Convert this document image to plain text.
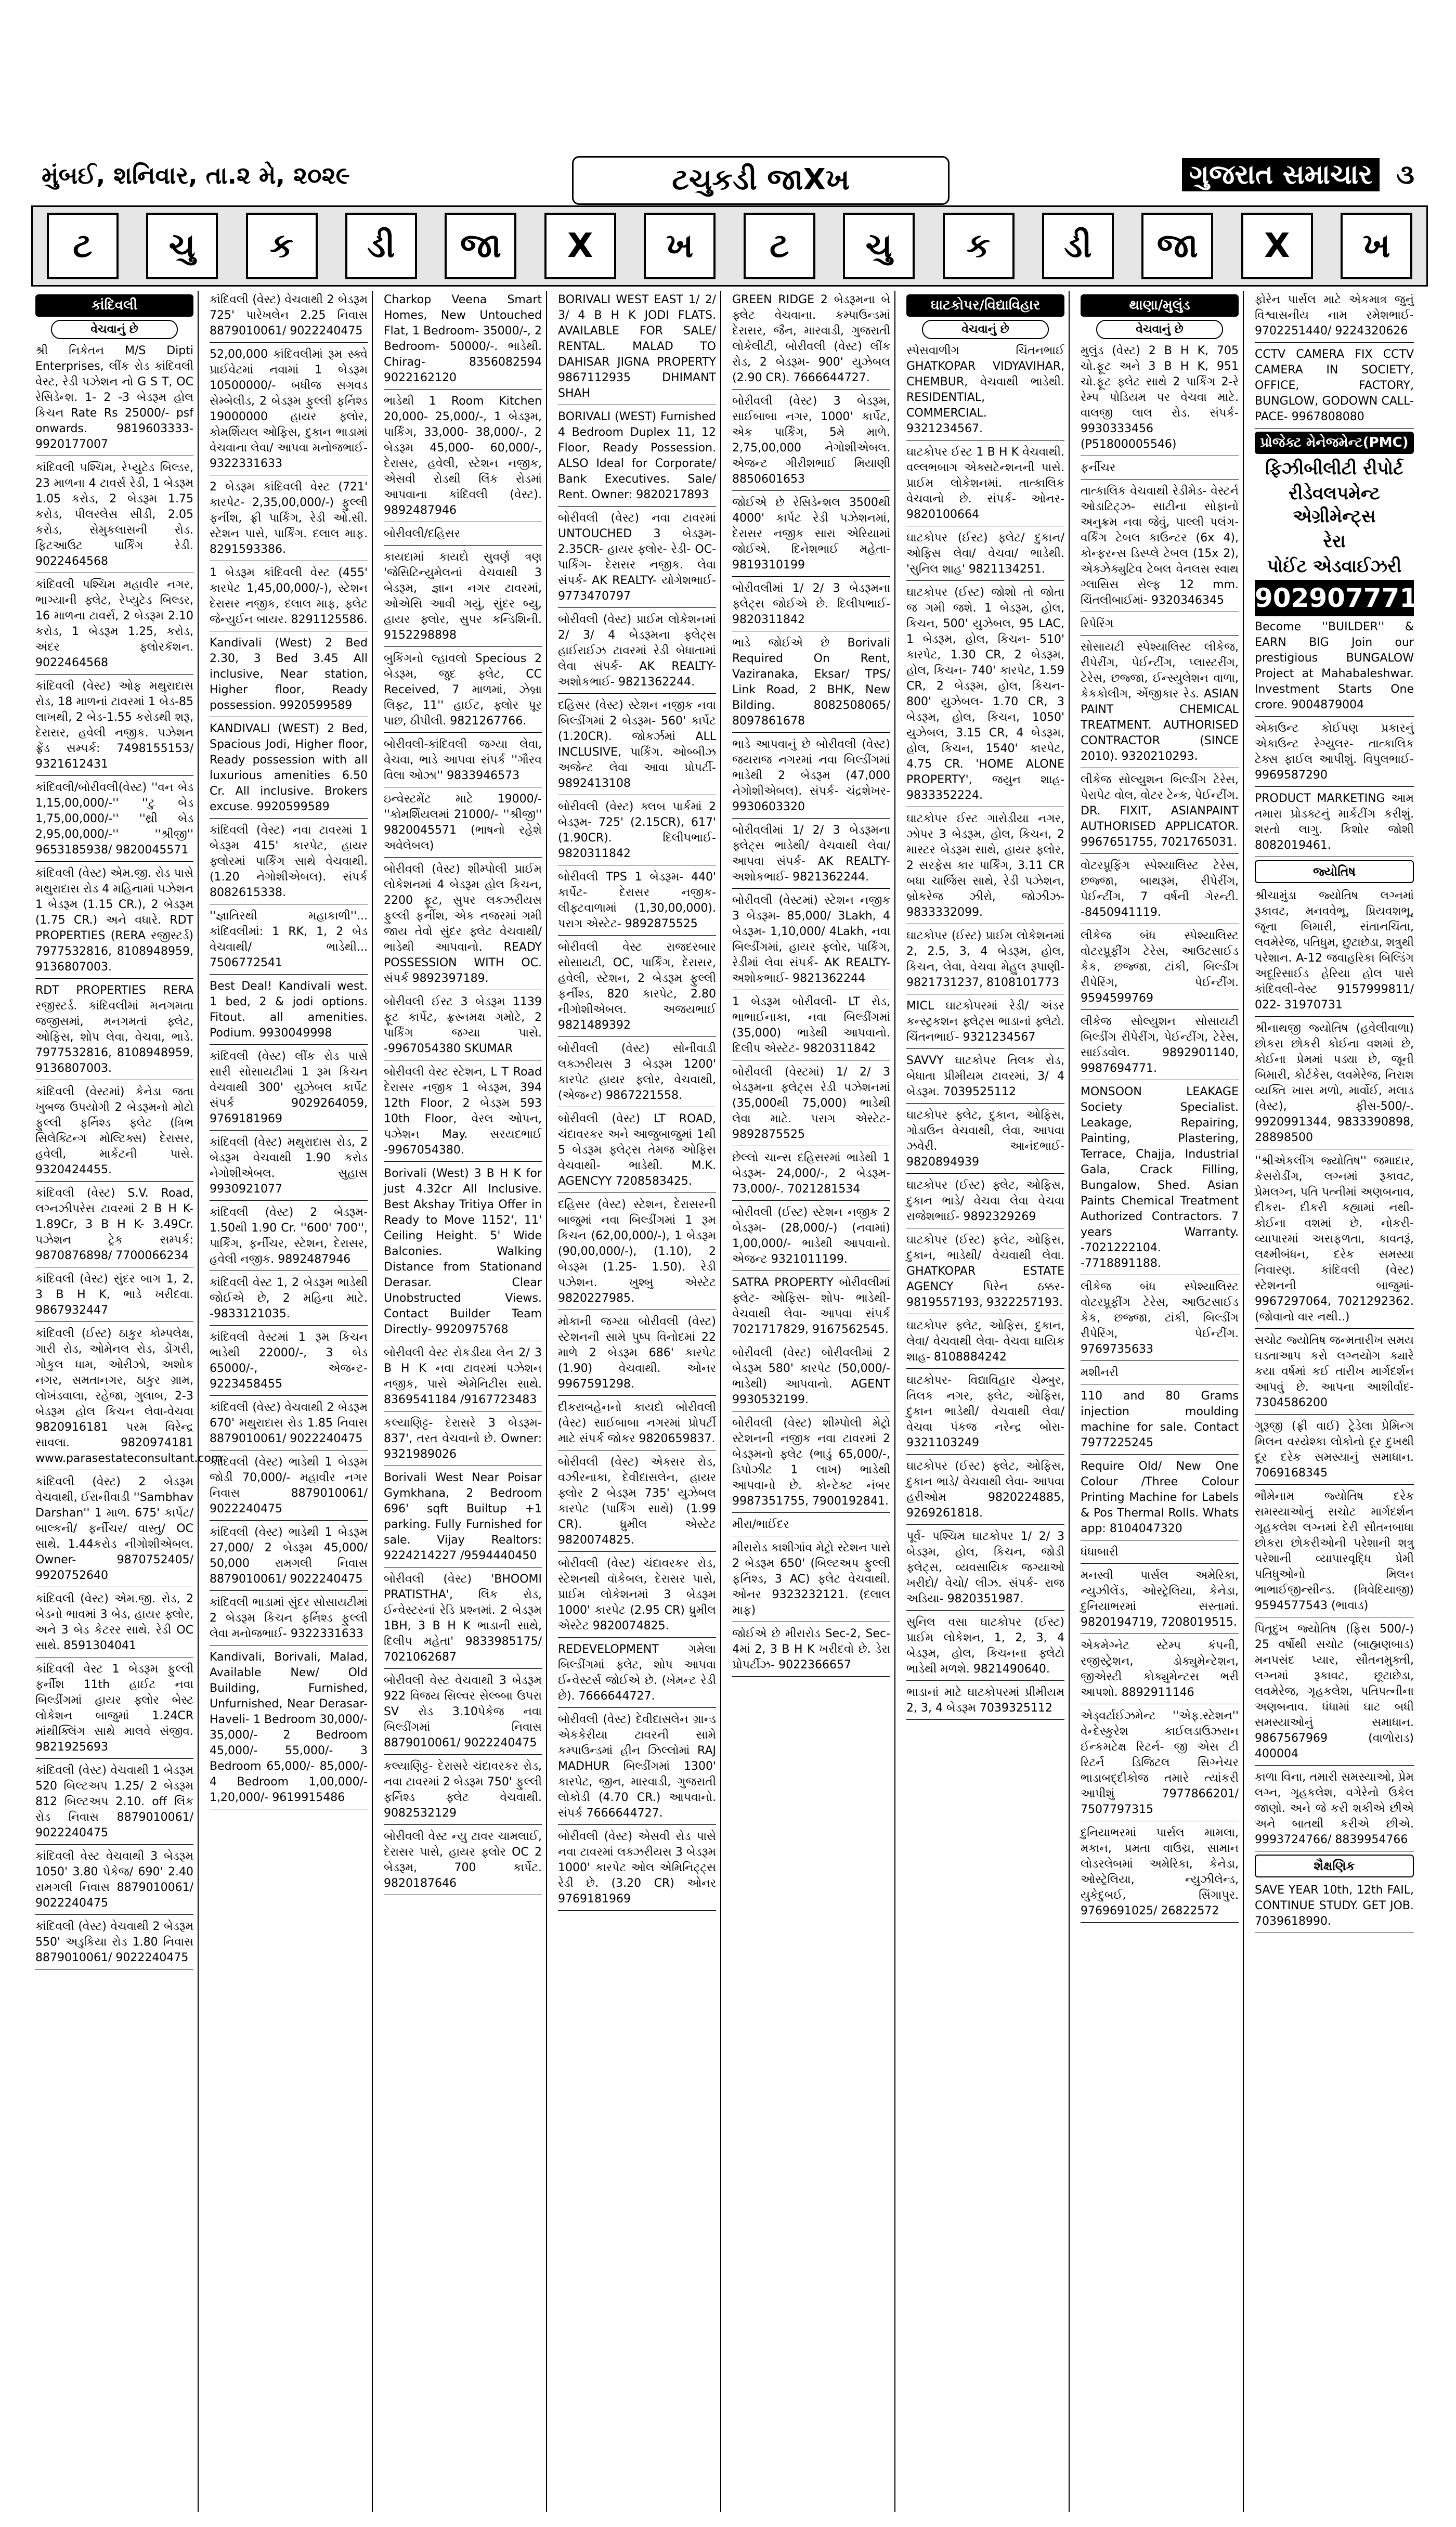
મુંબઈ, શનિવાર, તા.૨ મે, ૨૦૨૯	ટચુકડી જાXખ	ગુજરાત સમાચાર ૩
ટ	ચુ	ક	ડી	જા	X	ખ	ટ	ચુ	ક	ડી	જા	X	ખ
કાંદિવલી
વેચવાનું છે
શ્રી નિકેતન M/S Dipti Enterprises, લીંક રોડ કાંદિવલી વેસ્ટ, રેડી પઝેશન નો G S T, OC રેસિડેન્શ. 1- 2 -3 બેડરૂમ હોલ કિચન Rate Rs 25000/- psf onwards. 9819603333- 9920177007
કાંદિવલી પશ્ચિમ, રેપ્યુટેડ બિલ્ડર, 23 માળના 4 ટાવર્સ રેડી, 1 બેડરૂમ 1.05 કરોડ, 2 બેડરૂમ 1.75 કરોડ, પીલરલેસ સીડી, 2.05 કરોડ, સેમુકલાસની રોડ. ફિટઆઉટ પાર્કિંગ રેડી. 9022464568
કાંદિવલી પશ્ચિમ મહાવીર નગર, ભાગ્યાની ફ્લેટ, રેપ્યુટેડ બિલ્ડર, 16 માળના ટાવર્સ, 2 બેડરૂમ 2.10 કરોડ, 1 બેડરૂમ 1.25, કરોડ, અંદર ફ્લોરકૅશન. 9022464568
કાંદિવલી (વેસ્ટ) ઓફ મથુરાદાસ રોડ, 18 માળનાં ટાવરમાં 1 બેડ-85 લાખથી, 2 બેડ-1.55 કરોડથી શરૂ, દેરાસર, હવેલી નજીક. પઝેશન ફ્રેંડ સમ્પર્ક: 7498155153/ 9321612431
કાંદિવલી/બોરીવલી(વેસ્ટ) ''વન બેડ 1,15,00,000/-'' ''ટુ બેડ 1,75,00,000/-'' ''થ્રી બેડ 2,95,00,000/-'' ''શ્રીજી'' 9653185938/ 9820045571
કાંદિવલી (વેસ્ટ) એમ.જી. રોડ પાસે મથુરાદાસ રોડ 4 મહિનામાં પઝેશન 1 બેડરૂમ (1.15 CR.), 2 બેડરૂમ (1.75 CR.) અને વધારે. RDT PROPERTIES (RERA રજીસ્ટર્ડ) 7977532816, 8108948959, 9136807003.
RDT PROPERTIES RERA રજીસ્ટર્ડ. કાંદિવલીમાં મનગમતા જજીસમાં, મનગમતાં ફ્લેટ, ઓફિસ, શોપ લેવા, વેચવા, ભાડે. 7977532816, 8108948959, 9136807003.
કાંદિવલી (વેસ્ટમાં) કેનેડા જતા ખુબજ ઉપયોગી 2 બેડરૂમનો મોટો ફુલ્લી ફર્નિશ્ડ ફ્લેટ (ત્રિભ સિલેક્ટિન્ગ મોલ્ટિક્સ) દેરાસર, હવેલી, માર્કેટની પાસે. 9320424455.
કાંદિવલી (વેસ્ટ) S.V. Road, લગ્નઝીપરેસ ટાવરમાં 2 B H K- 1.89Cr, 3 B H K- 3.49Cr. પઝેશન ટ્રેક સમ્પર્ક: 9870876898/ 7700066234
કાંદિવલી (વેસ્ટ) સુંદર બાગ 1, 2, 3 B H K, ભાડે ખરીદવા. 9867932447
કાંદિવલી (ઈસ્ટ) ઠાકુર કોમ્પલેક્ષ, ગારી રોડ, ઓમેનલ રોડ, ડોંગરી, ગોકુલ ધામ, ઓરીઝો, અશોક નગર, સમતાનગર, ઠાકુર ગ્રામ, લોખંડવાલા, રહેજા, ગુલાબ, 2-3 બેડરૂમ હોલ કિચન લેવા-વેચવા 9820916181 પરમ વિરેન્દ્ર સાવલા. 9820974181 www.parasestateconsultant.com
કાંદિવલી (વેસ્ટ) 2 બેડરૂમ વેચવાથી, ઈરાનીવાડી ''Sambhav Darshan'' 1 માળ. 675' કાર્પેટ/ બાલ્કની/ ફર્નીચર/ વાસ્તુ/ OC સાથે. 1.44કરોડ નીગોશીએબલ. Owner- 9870752405/ 9920752640
કાંદિવલી (વેસ્ટ) એમ.જી. રોડ, 2 બેડનો ભાવમાં 3 બેડ, હાયર ફ્લોર, અને 3 બેડ કેટરર સાથે. રેડી OC સાથે. 8591304041
કાંદિવલી વેસ્ટ 1 બેડરૂમ ફુલ્લી ફર્નીશ 11th હાઈટ નવા બિલ્ડીંગમાં હાયર ફ્લોર બેસ્ટ લોકેશન બાજુમાં 1.24CR માંથીક્લિંગ સાથે માલવે સંજીવ. 9821925693
કાંદિવલી (વેસ્ટ) વેચવાથી 1 બેડરૂમ 520 બિલ્ટઅપ 1.25/ 2 બેડરૂમ 812 બિલ્ટઅપ 2.10. off લિંક રોડ નિવાસ 8879010061/ 9022240475
કાંદિવલી વેસ્ટ વેચવાથી 3 બેડરૂમ 1050' 3.80 પેકેજ/ 690' 2.40 રામગલી નિવાસ 8879010061/ 9022240475
કાંદિવલી (વેસ્ટ) વેચવાથી 2 બેડરૂમ 550' અડુકિયા રોડ 1.80 નિવાસ 8879010061/ 9022240475
કાંદિવલી (વેસ્ટ) વેચવાથી 2 બેડરૂમ 725' પારેખલેન 2.25 નિવાસ 8879010061/ 9022240475
52,00,000 કાંદિવલીમાં રૂમ સ્ક્વે પ્રાઈવેટમાં નવામાં 1 બેડરૂમ 10500000/- બધીજ સગવડ સેમ્બેલીડ, 2 બેડરૂમ ફુલ્લી ફર્નિશ્ડ 19000000 હાયર ફ્લોર, કોમર્શિયલ ઓફિસ, દુકાન ભાડામાં વેચવાના લેવા/ આપવા મનોજભાઈ- 9322331633
2 બેડરૂમ કાંદિવલી વેસ્ટ (721' કારપેટ- 2,35,00,000/-) ફુલ્લી ફર્નીશ, ફ્રી પાર્કિંગ, રેડી ઓ.સી. સ્ટેશન પાસે, પાર્કિંગ. દલાલ માફ. 8291593386.
1 બેડરૂમ કાંદિવલી વેસ્ટ (455' કારપેટ 1,45,00,000/-), સ્ટેશન દેરાસર નજીક, દલાલ માફ, ફ્લેટ જેન્યુઈન બાયર. 8291125586.
Kandivali (West) 2 Bed 2.30, 3 Bed 3.45 All inclusive, Near station, Higher floor, Ready possession. 9920599589
KANDIVALI (WEST) 2 Bed, Spacious Jodi, Higher floor, Ready possession with all luxurious amenities 6.50 Cr. All inclusive. Brokers excuse. 9920599589
કાંદિવલી (વેસ્ટ) નવા ટાવરમાં 1 બેડરૂમ 415' કારપેટ, હાયર ફ્લોરમાં પાર્કિંગ સાથે વેચવાથી. (1.20 નેગોશીએબલ). સંપર્ક 8082615338.
''જ્ઞાતિરથી મહાકાળી''... કાંદિવલીમાં: 1 RK, 1, 2 બેડ વેચવાથી/ ભાડેથી... 7506772541
Best Deal! Kandivali west. 1 bed, 2 & jodi options. Fitout. all amenities. Podium. 9930049998
કાંદિવલી (વેસ્ટ) લીંક રોડ પાસે સારી સોસાયટીમાં 1 રૂમ કિચન વેચવાથી 300' યુઝેબલ કાર્પેટ સંપર્ક 9029264059, 9769181969
કાંદિવલી (વેસ્ટ) મથુરાદાસ રોડ, 2 બેડરૂમ વેચવાથી 1.90 કરોડ નેગોશીએબલ. સુહાસ 9930921077
કાંદિવલી (વેસ્ટ) 2 બેડરૂમ- 1.50થી 1.90 Cr. ''600' 700'', પાર્કિંગ, ફર્નીચર, સ્ટેશન, દેરાસર, હવેલી નજીક. 9892487946
કાંદિવલી વેસ્ટ 1, 2 બેડરૂમ ભાડેથી જોઈએ છે, 2 મહિના માટે. -9833121035.
કાંદિવલી વેસ્ટમાં 1 રૂમ કિચન ભાડેથી 22000/-, 3 બેડ 65000/-, એજન્ટ- 9223458455
કાંદિવલી (વેસ્ટ) વેચવાથી 2 બેડરૂમ 670' મથુરાદાસ રોડ 1.85 નિવાસ 8879010061/ 9022240475
કાંદિવલી (વેસ્ટ) ભાડેથી 1 બેડરૂમ જોડી 70,000/- મહાવીર નગર નિવાસ 8879010061/ 9022240475
કાંદિવલી (વેસ્ટ) ભાડેથી 1 બેડરૂમ 27,000/ 2 બેડરૂમ 45,000/ 50,000 રામગલી નિવાસ 8879010061/ 9022240475
કાંદિવલી ભાડામાં સુંદર સોસાયટીમાં 2 બેડરૂમ કિચન ફર્નિશ્ડ ફુલ્લી લેવા મનોજભાઈ- 9322331633
Kandivali, Borivali, Malad, Available New/ Old Building, Furnished, Unfurnished, Near Derasar- Haveli- 1 Bedroom 30,000/- 35,000/- 2 Bedroom 45,000/- 55,000/- 3 Bedroom 65,000/- 85,000/- 4 Bedroom 1,00,000/- 1,20,000/- 9619915486
Charkop Veena Smart Homes, New Untouched Flat, 1 Bedroom- 35000/-, 2 Bedroom- 50000/-. ભાડેથી. Chirag- 8356082594 9022162120
ભાડેથી 1 Room Kitchen 20,000- 25,000/-, 1 બેડરૂમ, પાર્કિંગ, 33,000- 38,000/-, 2 બેડરૂમ 45,000- 60,000/-, દેરાસર, હવેલી, સ્ટેશન નજીક, એસવી રોડથી લિંક રોડમાં આપવાના કાંદિવલી (વેસ્ટ). 9892487946
બોરીવલી/દહિસર
કાયદામાં કાયદો સુવર્ણ ત્રણ 'જેસિટિન્યુમેલનાં વેચવાથી 3 બેડરૂમ, જ્ઞાન નગર ટાવરમાં, ઓએસિ આવી ગયું, સુંદર બ્યુ, હાયર ફ્લોર, સુપર કન્ડિશિની. 9152298898
બુકિંગનો લ્હાવલો Specious 2 બેડરૂમ, જુદ ફ્લેટ, CC Received, 7 માળમાં, ઝેબ્રા લિફ્ટ, 11'' હાઈટ, ફ્લોર પૂ઼ર પાછ, ઠીપીલી. 9821267766.
બોરીવલી-કાંદિવલી જગ્યા લેવા, વેચવા, ભાડે આપવા સંપર્ક ''ગૌરવ વિલા ઓઝા'' 9833946573
ઇન્વેસ્ટમેંટ માટે 19000/- ''કોમર્શિયલમાં 21000/- ''શ્રીજી'' 9820045571 (ભાષનો રહેશે અવેલેબલ)
બોરીવલી (વેસ્ટ) શીમ્પોલી પ્રાઈમ લોકેશનમાં 4 બેડરૂમ હોલ કિચન, 2200 ફૂટ, સુપર લકઝરીયસ ફુલ્લી ફર્નીશ, એક નજરમાં ગમી જાય તેવો સુંદર ફ્લેટ વેચવાથી/ ભાડેથી આપવાનો. READY POSSESSION WITH OC. સંપર્ક 9892397189.
બોરીવલી ઈસ્ટ 3 બેડરૂમ 1139 ફૂટ કાર્પેટ, ફ્રસ્નમક્ષ ગમોટે, 2 પાર્કિંગ જગ્યા પાસે. -9967054380 SKUMAR
બોરીવલી વેસ્ટ સ્ટેશન, L T Road દેરાસર નજીક 1 બેડરૂમ, 394 12th Floor, 2 બેડરૂમ 593 10th Floor, વેરલ ઓપન, પઝેશન May. સરયદભાઈ -9967054380.
Borivali (West) 3 B H K for just 4.32cr All Inclusive. Best Akshay Tritiya Offer in Ready to Move 1152', 11' Ceiling Height. 5' Wide Balconies. Walking Distance from Stationand Derasar. Clear Unobstructed Views. Contact Builder Team Directly- 9920975768
બોરીવલી વેસ્ટ રોકડીયા લેન 2/ 3 B H K નવા ટાવરમાં પઝેશન નજીક, પાસે એમેનિટીસ સાથે. 8369541184 /9167723483
કલ્યાણિટ્ટ- દેરાસરે 3 બેડરૂમ- 837', તરત વેચવાનો છે. Owner: 9321989026
Borivali West Near Poisar Gymkhana, 2 Bedroom 696' sqft Builtup +1 parking. Fully Furnished for sale. Vijay Realtors: 9224214227 /9594440450
બોરીવલી (વેસ્ટ) 'BHOOMI PRATISTHA', લિંક રોડ, ઈન્વેસ્ટરનાં રેડિ પ્રશ્નમાં. 2 બેડરૂમ 1BH, 3 B H K ભાડાની સાથે, દિલીપ મહેતા' 9833985175/ 7021062687
બોરીવલી વેસ્ટ વેચવાથી 3 બેડરૂમ 922 વિજય સિલ્વર સેલ્બ્બા ઉપરા SV રોડ 3.10પેકેજ નવા બિલ્ડીંગમાં નિવાસ 8879010061/ 9022240475
કલ્યાણિટ્ટ- દેરાસરે ચંદાવરકર રોડ, નવા ટાવરમાં 2 બેડરૂમ 750' ફુલ્લી ફર્નિશ્ડ ફ્લેટ વેચવાથી. 9082532129
બોરીવલી વેસ્ટ ન્યુ ટાવર ચામલાઈ, દેરાસર પાસે, હાયર ફ્લોર OC 2 બેડરૂમ, 700 કાર્પેટ. 9820187646
BORIVALI WEST EAST 1/ 2/ 3/ 4 B H K JODI FLATS. AVAILABLE FOR SALE/ RENTAL. MALAD TO DAHISAR JIGNA PROPERTY 9867112935 DHIMANT SHAH
BORIVALI (WEST) Furnished 4 Bedroom Duplex 11, 12 Floor, Ready Possession. ALSO Ideal for Corporate/ Bank Executives. Sale/ Rent. Owner: 9820217893
બોરીવલી (વેસ્ટ) નવા ટાવરમાં UNTOUCHED 3 બેડરૂમ- 2.35CR- હાયર ફ્લોર- રેડી- OC- પાર્કિંગ- દેરાસર નજીક. લેવા સંપર્ક- AK REALTY- યોગેશભાઈ- 9773470797
બોરીવલી (વેસ્ટ) પ્રાઈમ લોકેશનમાં 2/ 3/ 4 બેડરૂમના ફ્લેટ્સ હાઈરાઈઝ ટાવરમાં રેડી બેધાતામાં લેવા સંપર્ક- AK REALTY- અશોકભાઈ- 9821362244.
દહિસર (વેસ્ટ) સ્ટેશન નજીક નવા બિલ્ડીંગમાં 2 બેડરૂમ- 560' કાર્પેટ (1.20CR). જોકર્ઝમાં ALL INCLUSIVE, પાર્કિંગ. ઓબ્બીઝ અજેન્ટ લેવા આવા પ્રોપર્ટી- 9892413108
બોરીવલી (વેસ્ટ) ક્લબ પાર્કમાં 2 બેડરૂમ- 725' (2.15CR), 617' (1.90CR). દિલીપભાઈ- 9820311842
બોરીવલી TPS 1 બેડરૂમ- 440' કાર્પેટ- દેરાસર નજીક- લીફ્ટવાળામાં (1,30,00,000). પરાગ એસ્ટેટ- 9892875525
બોરીવલી વેસ્ટ રાજદરબાર સોસાયટી, OC, પાર્કિંગ, દેરાસર, હવેલી, સ્ટેશન, 2 બેડરૂમ ફુલ્લી ફર્નીશ્ડ, 820 કારપેટ, 2.80 નીગોશીએબલ. અજયભાઈ 9821489392
બોરીવલી (વેસ્ટ) સોનીવાડી લક્ઝરીયસ 3 બેડરૂમ 1200' કારપેટ હાયર ફ્લોર, વેચવાથી, (એજન્ટ) 9867221558.
બોરીવલી (વેસ્ટ) LT ROAD, ચંદાવરકર અને આજુબાજુમાં 1થી 5 બેડરૂમ ફ્લેટ્સ તેમજ ઓફિસ વેચવાથી- ભાડેથી. M.K. AGENCYY 7208583425.
દહિસર (વેસ્ટ) સ્ટેશન, દેરાસરની બાજુમાં નવા બિલ્ડીંગમાં 1 રૂમ કિચન (62,00,000/-), 1 બેડરૂમ (90,00,000/-), (1.10), 2 બેડરૂમ (1.25- 1.50). રેડી પઝેશન. ખુશ્બુ એસ્ટેટ 9820227985.
મોકાની જગ્યા બોરીવલી (વેસ્ટ) સ્ટેશનની સામે પુષ્પ વિનોદમાં 22 માળે 2 બેડરૂમ 686' કારપેટ (1.90) વેચવાથી. ઓનર 9967591298.
દીકરાબહેનનો કાયદો બોરીવલી (વેસ્ટ) સાઈબાબા નગરમાં પ્રોપર્ટી માટે સંપર્ક જોકર 9820659837.
બોરીવલી (વેસ્ટ) એક્સર રોડ, વઝીરનાકા, દેવીદાસલેન, હાયર ફ્લોર 2 બેડરૂમ 735' યુઝેબલ કારપેટ (પાર્કિંગ સાથે) (1.99 CR). ધ્રુમીલ એસ્ટેટ 9820074825.
બોરીવલી (વેસ્ટ) ચંદાવરકર રોડ, સ્ટેશનથી વૉકેબલ, દેરાસર પાસે, પ્રાઈમ લોકેશનમાં 3 બેડરૂમ 1000' કારપેટ (2.95 CR) ધ્રુમીલ એસ્ટેટ 9820074825.
REDEVELOPMENT ગમેલા બિલ્ડીંગમાં ફ્લેટ, શોપ આપવા ઈન્વેસ્ટર્સ જોઈએ છે. (ખેમન્ટ રેડી છે). 7666644727.
બોરીવલી (વેસ્ટ) દેવીદાસલેન ગ્રાન્ડ એકકેરીયા ટાવરની સામે કમ્પાઉન્ડમાં હીન ઝિલ્લોમાં RAJ MADHUR બિલ્ડીંગમાં 1300' કારપેટ, જીન, મારવાડી, ગુજરાતી લોકોડી (4.70 CR.) આપવાનો. સંપર્ક 7666644727.
બોરીવલી (વેસ્ટ) એસવી રોડ પાસે નવા ટાવરમાં લક્ઝરીયસ 3 બેડરૂમ 1000' કારપેટ ઓલ એમિનિટ્ટ્સ રેડી છે. (3.20 CR) ઓનર 9769181969
GREEN RIDGE 2 બેડરૂમના બે ફ્લેટ વેચવાના. કમ્પાઉન્ડમાં દેરાસર, જૈન, મારવાડી, ગુજરાતી લોકેલીટી, બોરીવલી (વેસ્ટ) લીંક રોડ, 2 બેડરૂમ- 900' યુઝેબલ (2.90 CR). 7666644727.
બોરીવલી (વેસ્ટ) 3 બેડરૂમ, સાઈબાબા નગર, 1000' કાર્પેટ, એક પાર્કિંગ, 5મે માળે. 2,75,00,000 નેગોશીએબલ. એજન્ટ ગીરીશભાઈ મિયાણી 8850601653
જોઈએ છે રેસિડેન્શલ 3500થી 4000' કાર્પેટ રેડી પઝેશનમાં, દેરાસર નજીક સારા એરિયામાં જોઈએ. દિનેશભાઈ મહેતા- 9819310199
બોરીવલીમાં 1/ 2/ 3 બેડરૂમના ફ્લેટ્સ જોઈએ છે. દિલીપભાઈ- 9820311842
ભાડે જોઈએ છે Borivali Required On Rent, Vaziranaka, Eksar/ TPS/ Link Road, 2 BHK, New Bilding. 8082508065/ 8097861678
ભાડે આપવાનું છે બોરીવલી (વેસ્ટ) જયરાજ નગરમાં નવા બિલ્ડીંગમાં ભાડેથી 2 બેડરૂમ (47,000 નેગોશીએબલ). સંપર્ક- ચંદ્રશેખર- 9930603320
બોરીવલીમાં 1/ 2/ 3 બેડરૂમના ફ્લેટ્સ ભાડેથી/ વેચવાથી લેવા/ આપવા સંપર્ક- AK REALTY- અશોકભાઈ- 9821362244.
બોરીવલી (વેસ્ટમાં) સ્ટેશન નજીક 3 બેડરૂમ- 85,000/ 3Lakh, 4 બેડરૂમ- 1,10,000/ 4Lakh, નવા બિલ્ડીંગમાં, હાયર ફ્લોર, પાર્કિંગ, રેડીમાં લેવા સંપર્ક- AK REALTY- અશોકભાઈ- 9821362244
1 બેડરૂમ બોરીવલી- LT રોડ, ભાભાઈનાકા, નવા બિલ્ડીંગમાં (35,000) ભાડેથી આપવાનો. દિલીપ એસ્ટેટ- 9820311842
બોરીવલી (વેસ્ટમાં) 1/ 2/ 3 બેડરૂમના ફ્લેટ્સ રેડી પઝેશનમાં (35,000થી 75,000) ભાડેથી લેવા માટે. પરાગ એસ્ટેટ- 9892875525
છેલ્લો ચાન્સ દહિસરમાં ભાડેથી 1 બેડરૂમ- 24,000/-, 2 બેડરૂમ- 73,000/-. 7021281534
બોરીવલી (ઈસ્ટ) સ્ટેશન નજીક 2 બેડરૂમ- (28,000/-) (નવામાં) 1,00,000/- ભાડેથી આપવાનો. એજન્ટ 9321011199.
SATRA PROPERTY બોરીવલીમાં ફ્લેટ- ઓફિસ- શોપ- ભાડેથી- વેચવાથી લેવા- આપવા સંપર્ક 7021717829, 9167562545.
બોરીવલી (વેસ્ટ) બોરીવલીમાં 2 બેડરૂમ 580' કારપેટ (50,000/- ભાડેથી) આપવાનો. AGENT 9930532199.
બોરીવલી (વેસ્ટ) શીમ્પોલી મેટ્રો સ્ટેશનની નજીક નવા ટાવરમાં 2 બેડરૂમનો ફ્લેટ (ભાડું 65,000/-, ડિપોઝીટ 1 લાખ) ભાડેથી આપવાનો છે. કોન્ટેક્ટ નંબર 9987351755, 7900192841.
મીરા/ભાઈંદર
મીરારોડ કાશીગાંવ મેટ્રો સ્ટેશન પાસે 2 બેડરૂમ 650' (બિલ્ટઅપ ફુલ્લી ફર્નિશ્ડ, 3 AC) ફ્લેટ વેચવાથી. ઓનર 9323232121. (દલાલ માફ)
જોઈએ છે મીરારોડ Sec-2, Sec-4માં 2, 3 B H K ખરીદવો છે. ડેરા પ્રોપર્ટીઝ- 9022366657
ઘાટકોપર/વિદ્યાવિહાર
વેચવાનું છે
સ્પેસવાળીગ ચિંતનભાઈ GHATKOPAR VIDYAVIHAR, CHEMBUR, વેચવાથી ભાડેથી. RESIDENTIAL, COMMERCIAL. 9321234567.
ઘાટકોપર ઈસ્ટ 1 B H K વેચવાથી. વલ્લભબાગ એક્સટેન્શનની પાસે. પ્રાઈમ લોકેશનમાં. તાત્કાલિક વેચવાનો છે. સંપર્ક- ઓનર- 9820100664
ઘાટકોપર (ઈસ્ટ) ફ્લેટ/ દુકાન/ ઓફિસ લેવા/ વેચવા/ ભાડેથી. 'સુનિલ શાહ' 9821134251.
ઘાટકોપર (ઈસ્ટ) જોશો તો જોતા જ ગમી જશે. 1 બેડરૂમ, હોલ, કિચન, 500' યુઝેબલ, 95 LAC, 1 બેડરૂમ, હોલ, કિચન- 510' કારપેટ, 1.30 CR, 2 બેડરૂમ, હોલ, કિચન- 740' કારપેટ, 1.59 CR, 2 બેડરૂમ, હોલ, કિચન- 800' યુઝેબલ- 1.70 CR, 3 બેડરૂમ, હોલ, કિચન, 1050' યુઝેબલ, 3.15 CR, 4 બેડરૂમ, હોલ, કિચન, 1540' કારપેટ, 4.75 CR. 'HOME ALONE PROPERTY', જયુન શાહ- 9833352224.
ઘાટકોપર ઈસ્ટ ગારોડીયા નગર, ઝોપર 3 બેડરૂમ, હોલ, કિચન, 2 માસ્ટર બેડરૂમ સાથે, હાયર ફ્લોર, 2 સરફેસ કાર પાર્કિંગ, 3.11 CR બધા ચાર્જિસ સાથે, રેડી પઝેશન, બ્રોકરેજ ઝીરો, જોઝીઝ- 9833332099.
ઘાટકોપર (ઈસ્ટ) પ્રાઈમ લોકેશનમાં 2, 2.5, 3, 4 બેડરૂમ, હોલ, કિચન, લેવા, વેચવા મેહુલ રૂપાણી- 9821731237, 8108101773
MICL ઘાટકોપરમાં રેડી/ અંડર કન્સ્ટ્રકશન ફ્લેટ્સ ભાડાનાં ફ્લેટો. ચિંતનભાઈ- 9321234567
SAVVY ઘાટકોપર તિલક રોડ, બેધાતા પ્રીમીયમ ટાવરમાં, 3/ 4 બેડરૂમ. 7039525112
ઘાટકોપર ફ્લેટ, દુકાન, ઓફિસ, ગોડાઉન વેચવાથી, લેવા, આપવા ઝવેરી. આનંદભાઈ- 9820894939
ઘાટકોપર (ઈસ્ટ) ફ્લેટ, ઓફિસ, દુકાન ભાડે/ વેચવા લેવા વેચવા રાજેશભાઈ- 9892329269
ઘાટકોપર (ઈસ્ટ) ફ્લેટ, ઓફિસ, દુકાન, ભાડેથી/ વેચવાથી લેવા. GHATKOPAR ESTATE AGENCY પિરેન ઠક્કર- 9819557193, 9322257193.
ઘાટકોપર ફ્લેટ, ઓફિસ, દુકાન, લેવા/ વેચવાથી લેવા- વેચવા ઘાયિક શાહ- 8108884242
ઘાટકોપર- વિદ્યાવિહાર ચેમ્બુર, તિલક નગર, ફ્લેટ, ઓફિસ, દુકાન ભાડેથી/ વેચવાથી લેવા/ વેચવા પંકજ નરેન્દ્ર બોરા- 9321103249
ઘાટકોપર (ઈસ્ટ) ફ્લેટ, ઓફિસ, દુકાન ભાડે/ વેચવાથી લેવા- આપવા હરીઓમ 9820224885, 9269261818.
પૂર્વ- પશ્ચિમ ઘાટકોપર 1/ 2/ 3 બેડરૂમ, હોલ, કિચન, જોડી ફ્લેટ્સ, વ્યવસાયિક જગ્યાઓ ખરીદો/ વેચો/ લીઝ. સંપર્ક- રાજ અડિયા- 9820351987.
સુનિલ વસા ઘાટકોપર (ઈસ્ટ) પ્રાઈમ લોકેશન, 1, 2, 3, 4 બેડરૂમ, હોલ, કિચનના ફ્લેટો ભાડેથી મળશે. 9821490640.
ભાડાનાં માટે ઘાટકોપરમાં પ્રીમીયમ 2, 3, 4 બેડરૂમ 7039325112
થાણા/મુલુંડ
વેચવાનું છે
મુલુંડ (વેસ્ટ) 2 B H K, 705 ચો.ફૂટ અને 3 B H K, 951 ચો.ફૂટ ફ્લેટ સાથે 2 પાર્કિંગ 2-રે રેમ્પ પોડિયમ પર વેચવા માટે. વાલજી લાલ રોડ. સંપર્ક- 9930333456 (P51800005546)
ફર્નીચર
તાત્કાલિક વેચવાથી રેડીમેડ- વેસ્ટર્ન ઓડાટિટ્ઝ- સાટીના સોફાનો અનુક્રમ નવા જેવું, પાલ્લી પલંગ- વર્કિંગ ટેબલ કાઉન્ટર (6x 4), કોન્ફરન્સ ડિસ્પ્લે ટેબલ (15x 2), એક્ઝેક્યુટિવ ટેબલ વેનલસ સ્વાથ ગ્લાસિસ સેલ્ફ 12 mm. ચિંતલીબાઈમાં- 9320346345
રિપેરિંગ
સોસાયટી સ્પેશ્યાલિસ્ટ લીકેજ, રીપેરીંગ, પેઈન્ટીંગ, પ્લાસ્ટરીંગ, ટેરેસ, છજ્જા, ઈન્સ્યુલેશન વાળા, કેકકોલીગ, એંજીકાર રેડ. ASIAN PAINT CHEMICAL TREATMENT. AUTHORISED CONTRACTOR (SINCE 2010). 9320210293.
લીકેજ સોલ્યુશન બિલ્ડીંગ ટેરેસ, પેરાપેટ વોલ, વોટર ટેન્ક, પેઈન્ટીંગ. DR. FIXIT, ASIANPAINT AUTHORISED APPLICATOR. 9967651755, 7021765031.
વોટરપ્રૂફિંગ સ્પેશ્યાલિસ્ટ ટેરેસ, છજ્જા, બાથરૂમ, રીપેરીંગ, પેઈન્ટીંગ, 7 વર્ષની ગેરન્ટી. -8450941119.
લીકેજ બંધ સ્પેશ્યાલિસ્ટ વોટરપ્રૂફીંગ ટેરેસ, આઉટસાઈડ કેક, છજ્જા, ટાંકી, બિલ્ડીંગ રીપેરિંગ, પેઈન્ટીંગ. 9594599769
લીકેજ સોલ્યુશન સોસાયટી બિલ્ડીંગ રીપેરીંગ, પેઈન્ટીંગ, ટેરેસ, સાઈડવોલ. 9892901140, 9987694771.
MONSOON LEAKAGE Society Specialist. Leakage, Repairing, Painting, Plastering, Terrace, Chajja, Industrial Gala, Crack Filling, Bungalow, Shed. Asian Paints Chemical Treatment Authorized Contractors. 7 years Warranty. -7021222104. -7718891188.
લીકેજ બંધ સ્પેશ્યાલિસ્ટ વોટરપ્રૂફીંગ ટેરેસ, આઉટસાઈડ કેક, છજ્જા, ટાંકી, બિલ્ડીંગ રીપેરિંગ, પેઈન્ટીંગ. 9769735633
મશીનરી
110 and 80 Grams injection moulding machine for sale. Contact 7977225245
Require Old/ New One Colour /Three Colour Printing Machine for Labels & Pos Thermal Rolls. Whats app: 8104047320
ધંધાબારી
મનસ્વી પાર્સલ અમેરિકા, ન્યુઝીલેંડ, ઓસ્ટ્રેલિયા, કેનેડા, દુનિયાભરમાં સસ્તામાં. 9820194719, 7208019515.
એકમેગ્નેટ સ્ટેમ્પ કંપની, રજીસ્ટ્રેશન, ડોક્યુમેન્ટેશન, જીએસ્ટી કોક્યુમેન્ટસ ભરી આપશો. 8892911146
એડ્વર્ટાઈઝમેન્ટ ''એફ.સ્ટેશન'' વેન્દેસ્કુરેશ કાઈલડાઉઝરાન ઈન્કમટેક્ષ રિટર્ન- જી એસ ટી રિટર્ન ડિજિટલ સિગ્નેચર ભાડાબદ્દીકોજ તમારે ત્યાંકરી આપીશું 7977866201/ 7507797315
દુનિયાભરમાં પાર્સલ મામલા, મકાન, પ્રમતા વાઉચ્ર, સામાન લોડરલેબમાં અમેરિકા, કેનેડા, ઓસ્ટ્રેલિયા, ન્યુઝીલેન્ડ, યુકેદુબઈ, સિંગાપુર. 9769691025/ 26822572
ફોરેન પાર્સલ માટે એકમાત્ર જુનું વિશ્વાસનીય નામ રમેશભાઈ- 9702251440/ 9224320626
CCTV CAMERA FIX CCTV CAMERA IN SOCIETY, OFFICE, FACTORY, BUNGLOW, GODOWN CALL- PACE- 9967808080
પ્રોજેક્ટ મેનેજમેન્ટ(PMC)
ફિઝીબીલીટી રીપોર્ટ
રીડેવલપમેન્ટ એગ્રીમેન્ટ્સ
રેરા
પોઈંટ એડવાઈઝરી
9029077715
Become ''BUILDER'' & EARN BIG Join our prestigious BUNGALOW Project at Mahabaleshwar. Investment Starts One crore. 9004879004
એકાઉન્ટ કોઈપણ પ્રકારનું એકાઉન્ટ રેગ્યુલર- તાત્કાલિક ટેક્સ ફાઈલ આપીશું. વિપુલભાઈ- 9969587290
PRODUCT MARKETING આમ તમારા પ્રોડક્ટનું માર્કેટીંગ કરીશું. શરતો લાગુ. કિશોર જોશી 8082019461.
જ્યોતિષ
શ્રીચામુંડા જ્યોતિષ લગ્નમાં રૂકાવટ, મનવવેભૂ, પ્રિયવશભૂ, જૂના બિમારી, સંતાનચિંતા, લવમેરેજ, પતિધુમ, છુટાછેડા, શત્રુથી પરેશાન. A-12 જવાહરિકા બિલ્ડિંગ અદૂરિસાઈડ હેરિયા હોલ પાસે કાંદિવલી-વેસ્ટ 9157999811/ 022- 31970731
શ્રીનાથજી જ્યોતિષ (હવેલીવાળા) છોકરા છોકરી કોઈના વશમાં છે, કોઈના પ્રેમમાં પડ્યા છે, જૂની બિમારી, કોર્ટકેસ, લવમેરેજ, નિરાશ વ્યક્તિ ખાસ મળો, માર્વોઈ, મલાડ (વેસ્ટ), ફીસ-500/-. 9920991344, 9833390898, 28898500
''શ્રીએકલીંગ જ્યોતિષ'' જમાદાર, કેસરોડીંગ, લગ્નમાં રૂકાવટ, પ્રેમલગ્ન, પતિ પત્નીમાં અણબનાવ, દીકરા- દીકરી કહ્યામાં નથી- કોઈના વશમાં છે. નોકરી- વ્યાપારમાં અસફળતા, કાવતરૂં, લક્ષ્મીબંધન, દરેક સમસ્યા નિવારણ. કાંદિવલી (વેસ્ટ) સ્ટેશનની બાજુમાં- 9967297064, 7021292362. (જોવાનો વાર નથી..)
સચોટ જ્યોતિષ જન્મતારીખ સમય ઘડતાઆપ કરો લગ્નયોગ ક્યારે કયા વર્ષમાં કઈ તારીખ માર્ગદર્શન આપવું છે. આપના આશીર્વાદ- 7304586200
ગુરૂજી (ફ્રી વાઈ) ટ્રેડેલા પ્રેમિન્ગ મિલન વરયેશ્કા લોકોનો દૂર દુખથી દૂર દરેક સમસ્યાનું સમાધાન. 7069168345
ભૌમેનામ જ્યોતિષ દરેક સમસ્યાઓનું સચોટ માર્ગદર્શન ગૃહકલેશ લગ્નમાં દેરી સૌતનબાધા છોકરા છોકરીઓની પરેશાની શત્રુ પરેશાની વ્યાપારવૃદ્ધિ પ્રેમી પતિધુઓનો મિલન ભાભાઈજીન્સીન્ડ. (ત્રિવેદિયાજી) 9594577543 (ભાવાડ)
પિતૃદુખ જ્યોતિષ (ફિસ 500/-) 25 વર્ષોથી સચોટ (બાહ્મણબાડ) મનપસંદ પ્યાર, સૌતનમુક્તી, લગ્નમાં રૂકાવટ, છૂટાછેડા, લવમેરેજ, ગૃહકલેશ, પતિપત્નીના અણબનાવ. ધંધામાં ઘાટ બધી સમસ્યાઓનું સમાધાન. 9867567969 (વાળોરાડ) 400004
કાળા વિના, તમારી સમસ્યાઓ, પ્રેમ લગ્ન, ગૃહકલેશ, વગેરેનો ઉકેલ જાણો. અને જે કરી શકીએ છીએ અને બાતથી કરીએ છીએ. 9993724766/ 8839954766
શૈક્ષણિક
SAVE YEAR 10th, 12th FAIL, CONTINUE STUDY. GET JOB. 7039618990.
